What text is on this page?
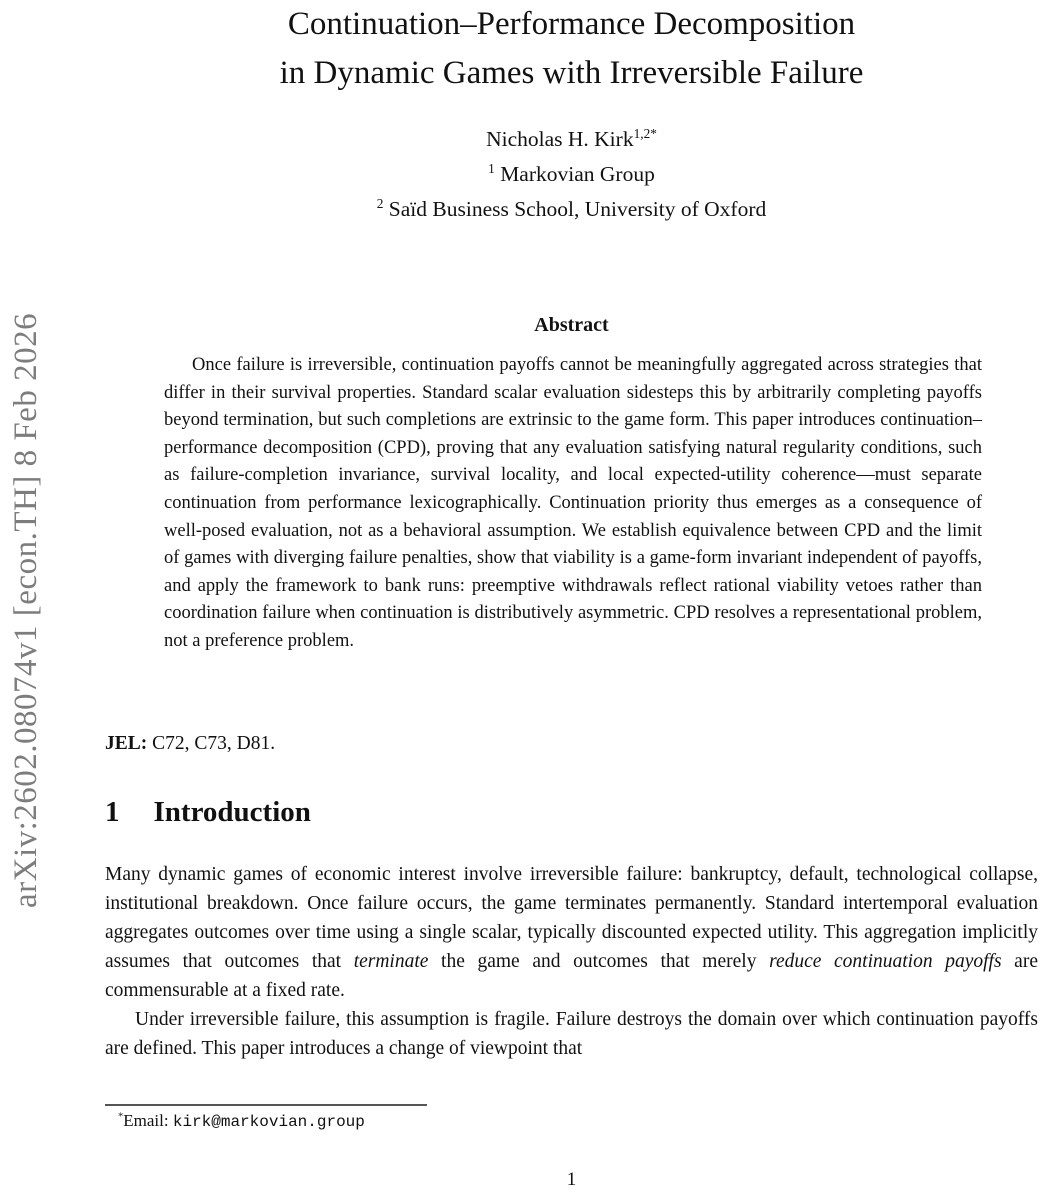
arXiv:2602.08074v1 [econ.TH] 8 Feb 2026
Continuation–Performance Decomposition
in Dynamic Games with Irreversible Failure
Nicholas H. Kirk$^{1,2*}$
$^1$ Markovian Group
$^2$ Saïd Business School, University of Oxford
Abstract
Once failure is irreversible, continuation payoffs cannot be meaningfully aggregated across strategies that differ in their survival properties. Standard scalar evaluation sidesteps this by arbitrarily completing payoffs beyond termination, but such completions are extrinsic to the game form. This paper introduces continuation–performance decomposition (CPD), proving that any evaluation satisfying natural regularity conditions, such as failure-completion invariance, survival locality, and local expected-utility coherence—must separate continuation from performance lexicographically. Continuation priority thus emerges as a consequence of well-posed evaluation, not as a behavioral assumption. We establish equivalence between CPD and the limit of games with diverging failure penalties, show that viability is a game-form invariant independent of payoffs, and apply the framework to bank runs: preemptive withdrawals reflect rational viability vetoes rather than coordination failure when continuation is distributively asymmetric. CPD resolves a representational problem, not a preference problem.
JEL: C72, C73, D81.
1 Introduction

Many dynamic games of economic interest involve irreversible failure: bankruptcy, default, technological collapse, institutional breakdown. Once failure occurs, the game terminates permanently. Standard intertemporal evaluation aggregates outcomes over time using a single scalar, typically discounted expected utility. This aggregation implicitly assumes that outcomes that terminate the game and outcomes that merely reduce continuation payoffs are commensurable at a fixed rate.

Under irreversible failure, this assumption is fragile. Failure destroys the domain over which continuation payoffs are defined. This paper introduces a change of viewpoint that

*Email: kirk@markovian.group
1
